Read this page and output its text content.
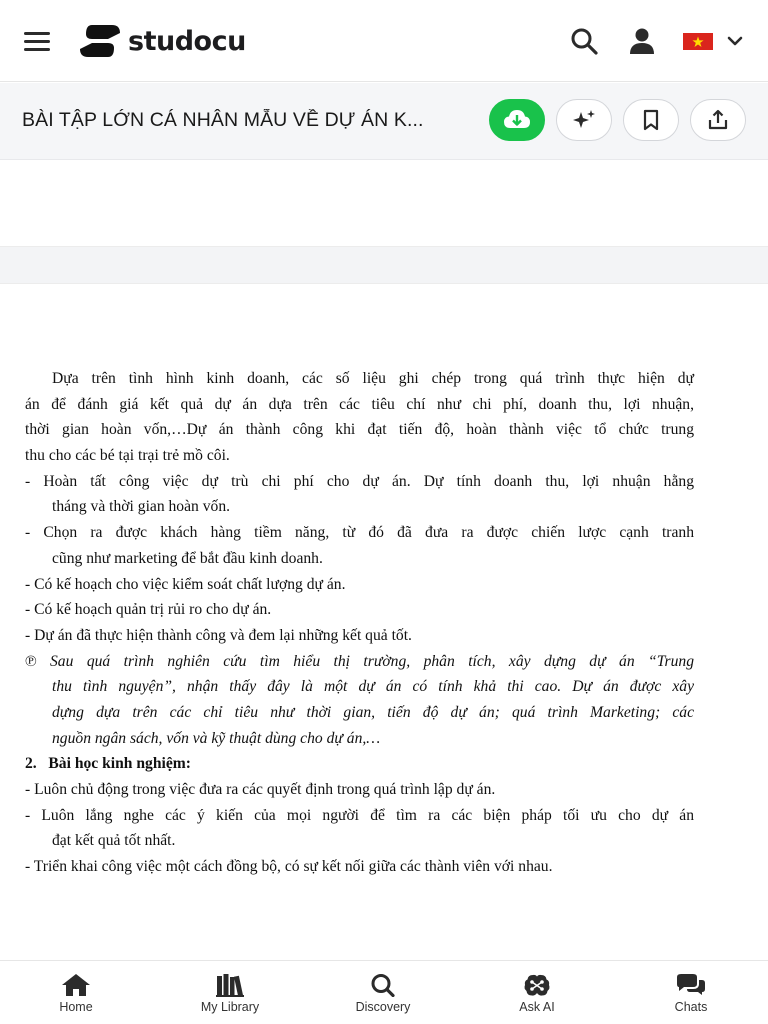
studocu
BÀI TẬP LỚN CÁ NHÂN MẪU VỀ DỰ ÁN K...
Dựa trên tình hình kinh doanh, các số liệu ghi chép trong quá trình thực hiện dự
án để đánh giá kết quả dự án dựa trên các tiêu chí như chi phí, doanh thu, lợi nhuận,
thời gian hoàn vốn,…Dự án thành công khi đạt tiến độ, hoàn thành việc tổ chức trung
thu cho các bé tại trại trẻ mồ côi.
- Hoàn tất công việc dự trù chi phí cho dự án. Dự tính doanh thu, lợi nhuận hằng
tháng và thời gian hoàn vốn.
- Chọn ra được khách hàng tiềm năng, từ đó đã đưa ra được chiến lược cạnh tranh
cũng như marketing để bắt đầu kinh doanh.
- Có kế hoạch cho việc kiểm soát chất lượng dự án.
- Có kế hoạch quản trị rủi ro cho dự án.
- Dự án đã thực hiện thành công và đem lại những kết quả tốt.
℗ Sau quá trình nghiên cứu tìm hiểu thị trường, phân tích, xây dựng dự án “Trung
thu tình nguyện”, nhận thấy đây là một dự án có tính khả thi cao. Dự án được xây
dựng dựa trên các chỉ tiêu như thời gian, tiến độ dự án; quá trình Marketing; các
nguồn ngân sách, vốn và kỹ thuật dùng cho dự án,…
2.   Bài học kinh nghiệm:
- Luôn chủ động trong việc đưa ra các quyết định trong quá trình lập dự án.
- Luôn lắng nghe các ý kiến của mọi người để tìm ra các biện pháp tối ưu cho dự án
đạt kết quả tốt nhất.
- Triển khai công việc một cách đồng bộ, có sự kết nối giữa các thành viên với nhau.
Home	My Library	Discovery	Ask AI	Chats
